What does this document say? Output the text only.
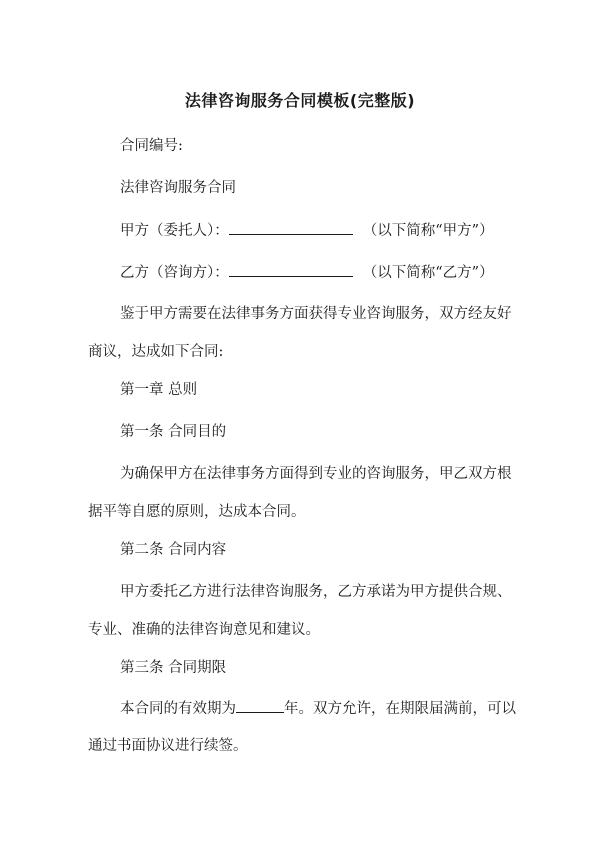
法律咨询服务合同模板(完整版)
合同编号:
法律咨询服务合同
甲方（委托人）：	（以下简称“甲方”）
乙方（咨询方）：	（以下简称“乙方”）
鉴于甲方需要在法律事务方面获得专业咨询服务，双方经友好
商议，达成如下合同:
第一章 总则
第一条 合同目的
为确保甲方在法律事务方面得到专业的咨询服务，甲乙双方根
据平等自愿的原则，达成本合同。
第二条 合同内容
甲方委托乙方进行法律咨询服务，乙方承诺为甲方提供合规、
专业、准确的法律咨询意见和建议。
第三条 合同期限
本合同的有效期为	年。双方允许，在期限届满前，可以
通过书面协议进行续签。
